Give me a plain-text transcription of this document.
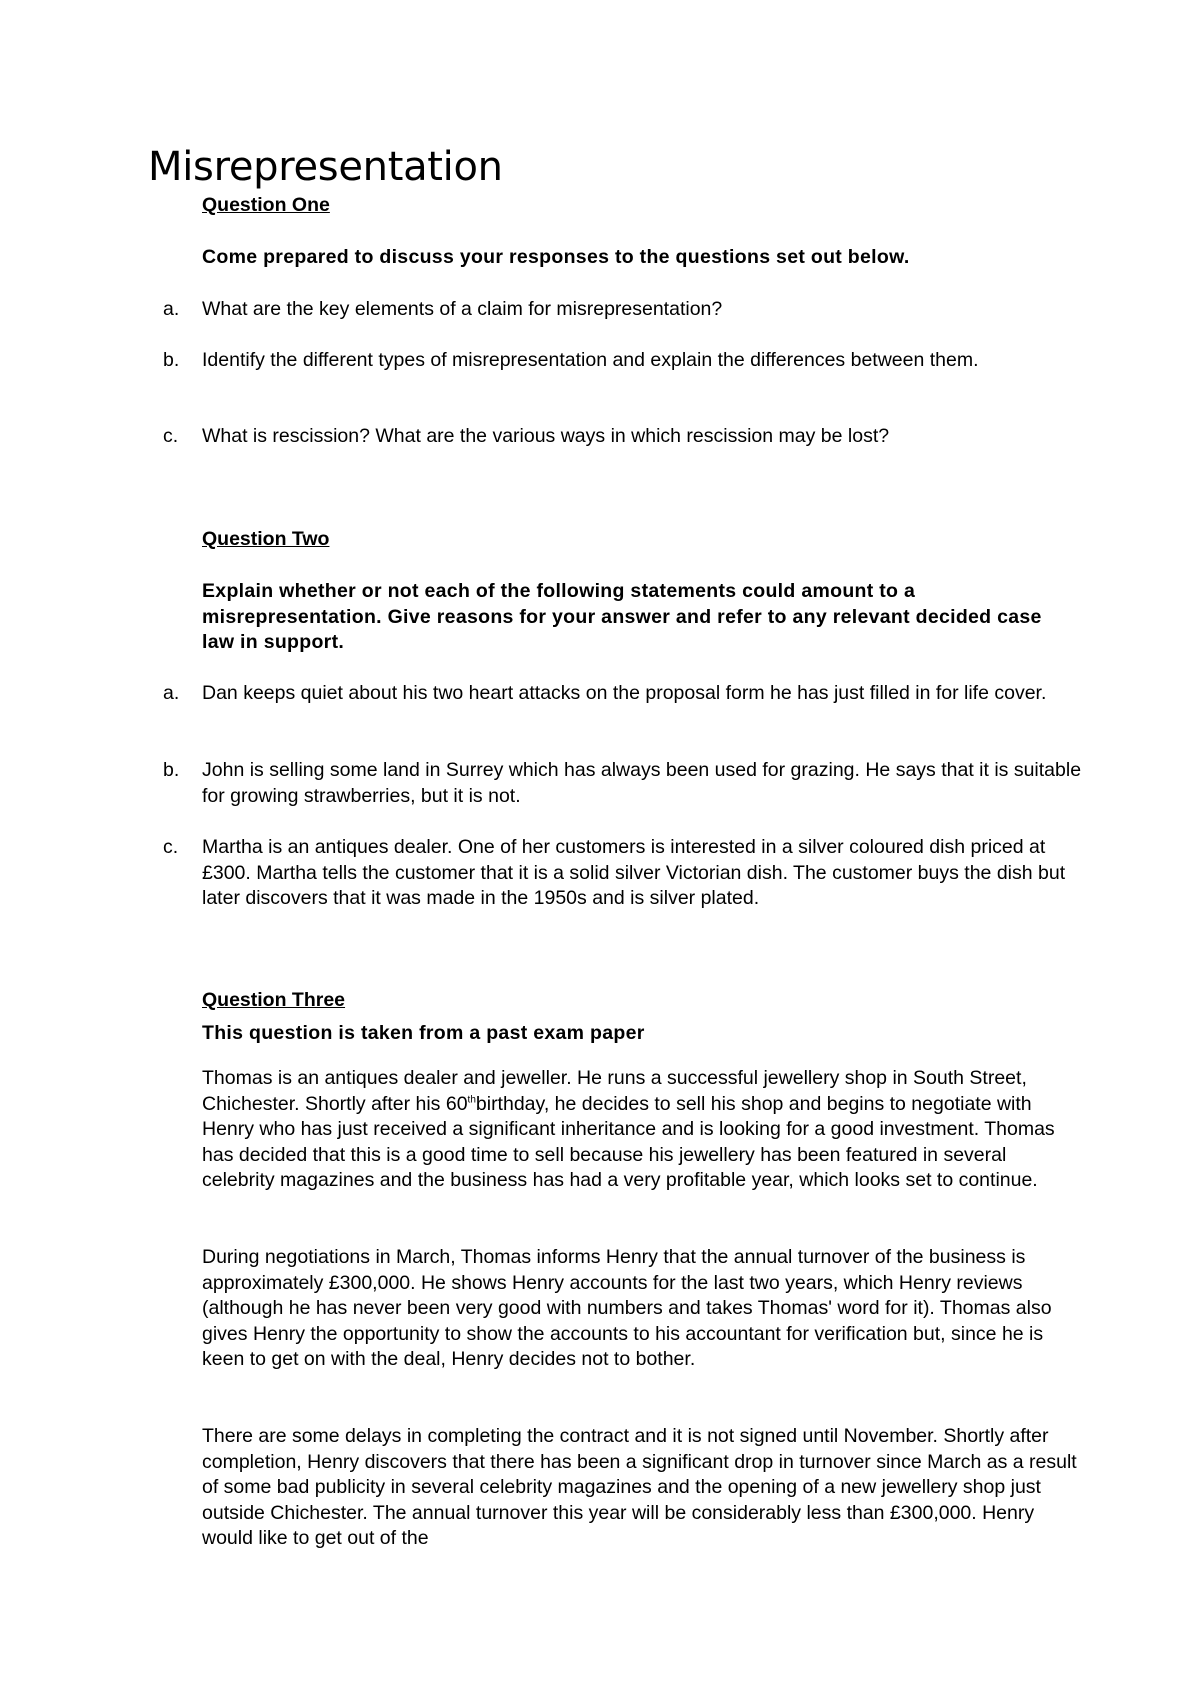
Misrepresentation

Question One

Come prepared to discuss your responses to the questions set out below.

a.	What are the key elements of a claim for misrepresentation?
b.	Identify the different types of misrepresentation and explain the differences between them.
c.	What is rescission? What are the various ways in which rescission may be lost?

Question Two

Explain whether or not each of the following statements could amount to a misrepresentation. Give reasons for your answer and refer to any relevant decided case law in support.

a.	Dan keeps quiet about his two heart attacks on the proposal form he has just filled in for life cover.
b.	John is selling some land in Surrey which has always been used for grazing. He says that it is suitable for growing strawberries, but it is not.
c.	Martha is an antiques dealer. One of her customers is interested in a silver coloured dish priced at £300. Martha tells the customer that it is a solid silver Victorian dish. The customer buys the dish but later discovers that it was made in the 1950s and is silver plated.

Question Three

This question is taken from a past exam paper

Thomas is an antiques dealer and jeweller. He runs a successful jewellery shop in South Street, Chichester. Shortly after his 60thbirthday, he decides to sell his shop and begins to negotiate with Henry who has just received a significant inheritance and is looking for a good investment. Thomas has decided that this is a good time to sell because his jewellery has been featured in several celebrity magazines and the business has had a very profitable year, which looks set to continue.

During negotiations in March, Thomas informs Henry that the annual turnover of the business is approximately £300,000. He shows Henry accounts for the last two years, which Henry reviews (although he has never been very good with numbers and takes Thomas' word for it). Thomas also gives Henry the opportunity to show the accounts to his accountant for verification but, since he is keen to get on with the deal, Henry decides not to bother.

There are some delays in completing the contract and it is not signed until November. Shortly after completion, Henry discovers that there has been a significant drop in turnover since March as a result of some bad publicity in several celebrity magazines and the opening of a new jewellery shop just outside Chichester. The annual turnover this year will be considerably less than £300,000. Henry would like to get out of the
